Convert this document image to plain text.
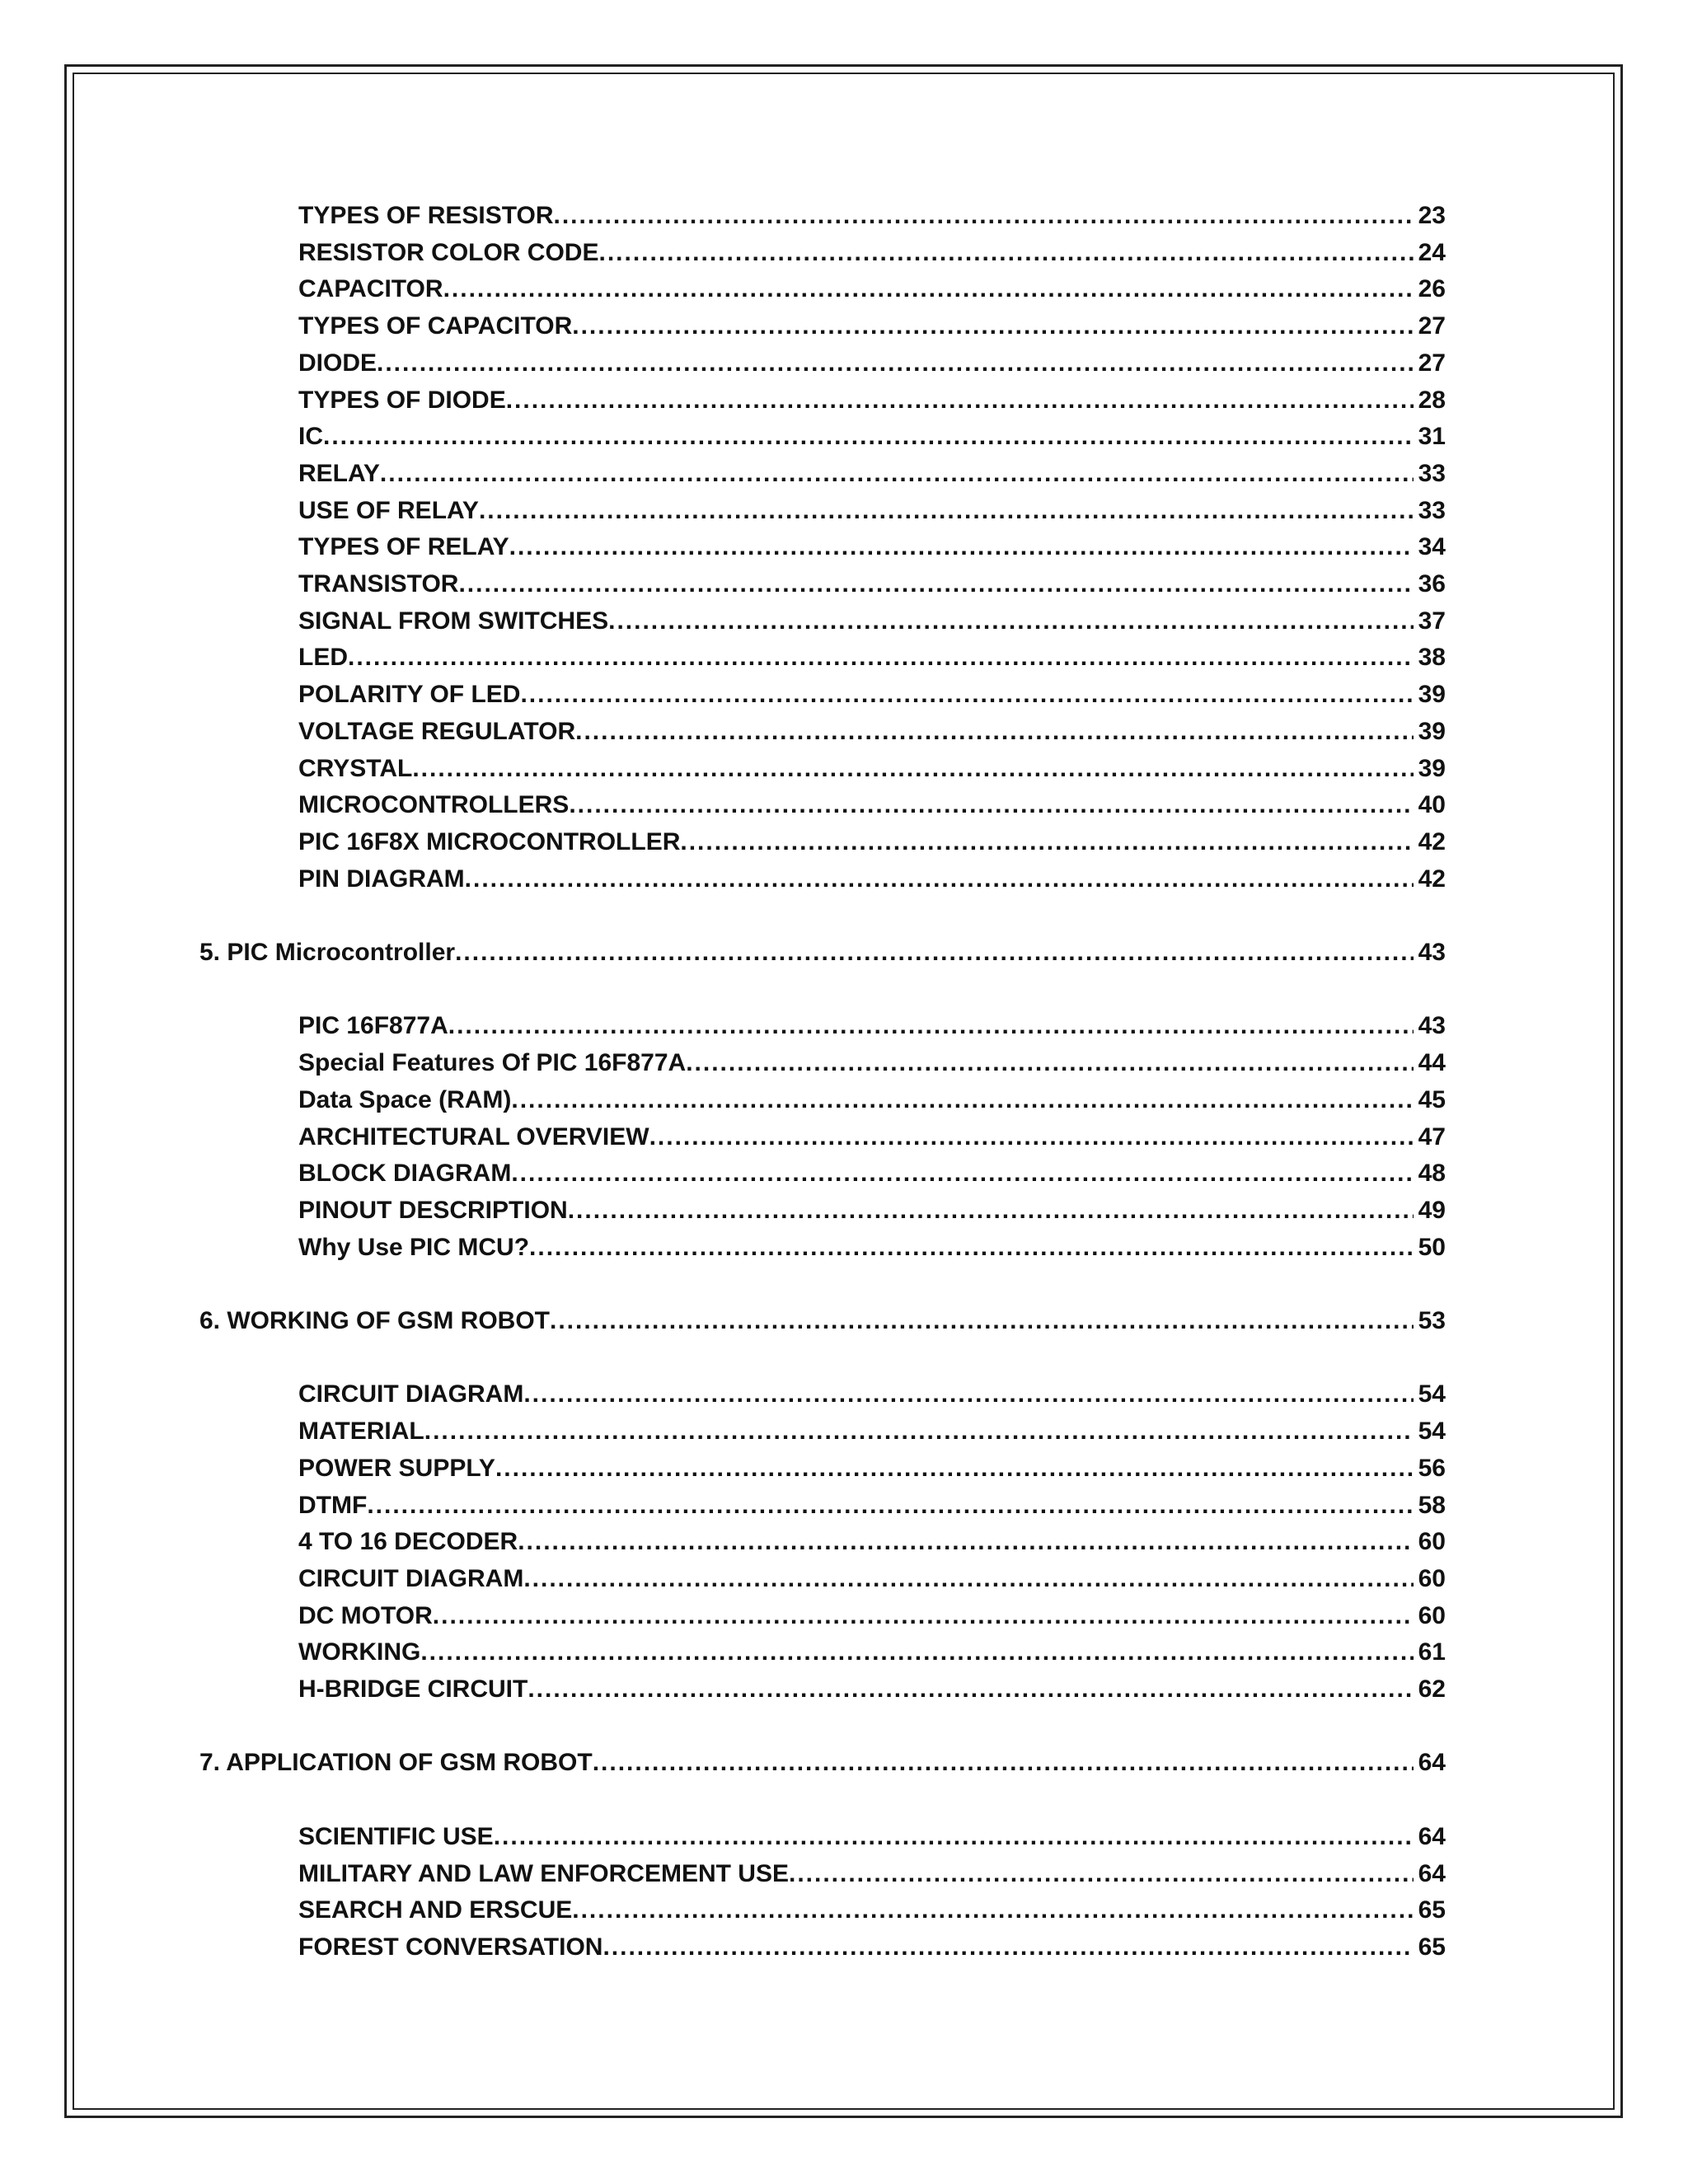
TYPES OF RESISTOR .....	23
RESISTOR COLOR CODE .....	24
CAPACITOR .....	26
TYPES OF CAPACITOR .....	27
DIODE .....	27
TYPES OF DIODE .....	28
IC .....	31
RELAY .....	33
USE OF RELAY .....	33
TYPES OF RELAY .....	34
TRANSISTOR .....	36
SIGNAL FROM SWITCHES .....	37
LED .....	38
POLARITY OF LED .....	39
VOLTAGE REGULATOR .....	39
CRYSTAL .....	39
MICROCONTROLLERS .....	40
PIC 16F8X MICROCONTROLLER .....	42
PIN DIAGRAM .....	42
5. PIC Microcontroller .....	43
PIC 16F877A .....	43
Special Features Of PIC 16F877A .....	44
Data Space (RAM) .....	45
ARCHITECTURAL OVERVIEW .....	47
BLOCK DIAGRAM .....	48
PINOUT DESCRIPTION .....	49
Why Use PIC MCU? .....	50
6. WORKING OF GSM ROBOT .....	53
CIRCUIT DIAGRAM .....	54
MATERIAL .....	54
POWER SUPPLY .....	56
DTMF .....	58
4 TO 16 DECODER .....	60
CIRCUIT DIAGRAM .....	60
DC MOTOR .....	60
WORKING .....	61
H-BRIDGE CIRCUIT .....	62
7. APPLICATION OF GSM ROBOT .....	64
SCIENTIFIC USE .....	64
MILITARY AND LAW ENFORCEMENT USE .....	64
SEARCH AND ERSCUE .....	65
FOREST CONVERSATION .....	65
